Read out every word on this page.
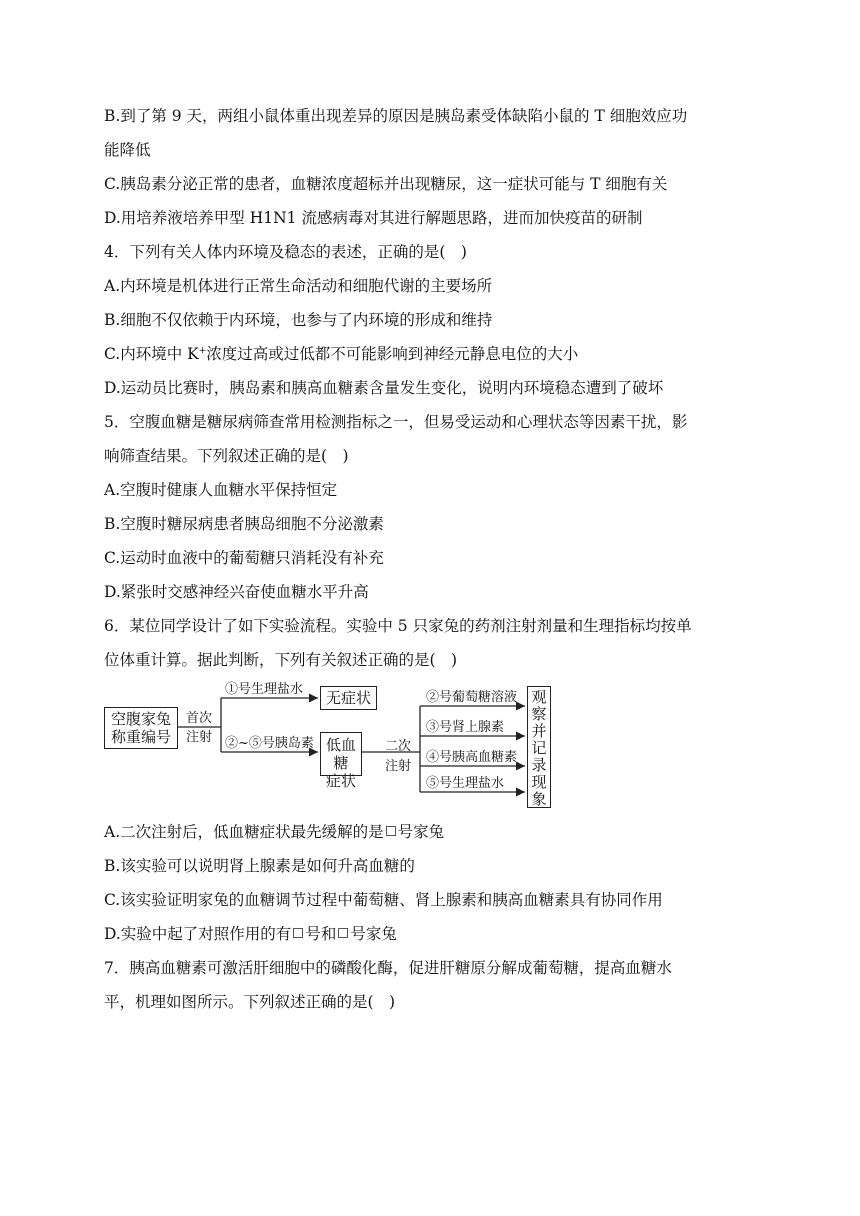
B.到了第 9 天，两组小鼠体重出现差异的原因是胰岛素受体缺陷小鼠的 T 细胞效应功
能降低
C.胰岛素分泌正常的患者，血糖浓度超标并出现糖尿，这一症状可能与 T 细胞有关
D.用培养液培养甲型 H1N1 流感病毒对其进行解题思路，进而加快疫苗的研制
4．下列有关人体内环境及稳态的表述，正确的是(　)
A.内环境是机体进行正常生命活动和细胞代谢的主要场所
B.细胞不仅依赖于内环境，也参与了内环境的形成和维持
C.内环境中 K+浓度过高或过低都不可能影响到神经元静息电位的大小
D.运动员比赛时，胰岛素和胰高血糖素含量发生变化，说明内环境稳态遭到了破坏
5．空腹血糖是糖尿病筛查常用检测指标之一，但易受运动和心理状态等因素干扰，影
响筛查结果。下列叙述正确的是(　)
A.空腹时健康人血糖水平保持恒定
B.空腹时糖尿病患者胰岛细胞不分泌激素
C.运动时血液中的葡萄糖只消耗没有补充
D.紧张时交感神经兴奋使血糖水平升高
6．某位同学设计了如下实验流程。实验中 5 只家兔的药剂注射剂量和生理指标均按单
位体重计算。据此判断，下列有关叙述正确的是(　)
空腹家兔
称重编号
首次
注射
①号生理盐水	无症状
②~⑤号胰岛素 低血糖
症状
二次
注射
②号葡萄糖溶液
③号肾上腺素
④号胰高血糖素
⑤号生理盐水
观
察
并
记
录
现
象
A.二次注射后，低血糖症状最先缓解的是 号家兔
B.该实验可以说明肾上腺素是如何升高血糖的
C.该实验证明家兔的血糖调节过程中葡萄糖、肾上腺素和胰高血糖素具有协同作用
D.实验中起了对照作用的有 号和 号家兔
7．胰高血糖素可激活肝细胞中的磷酸化酶，促进肝糖原分解成葡萄糖，提高血糖水
平，机理如图所示。下列叙述正确的是(　)
